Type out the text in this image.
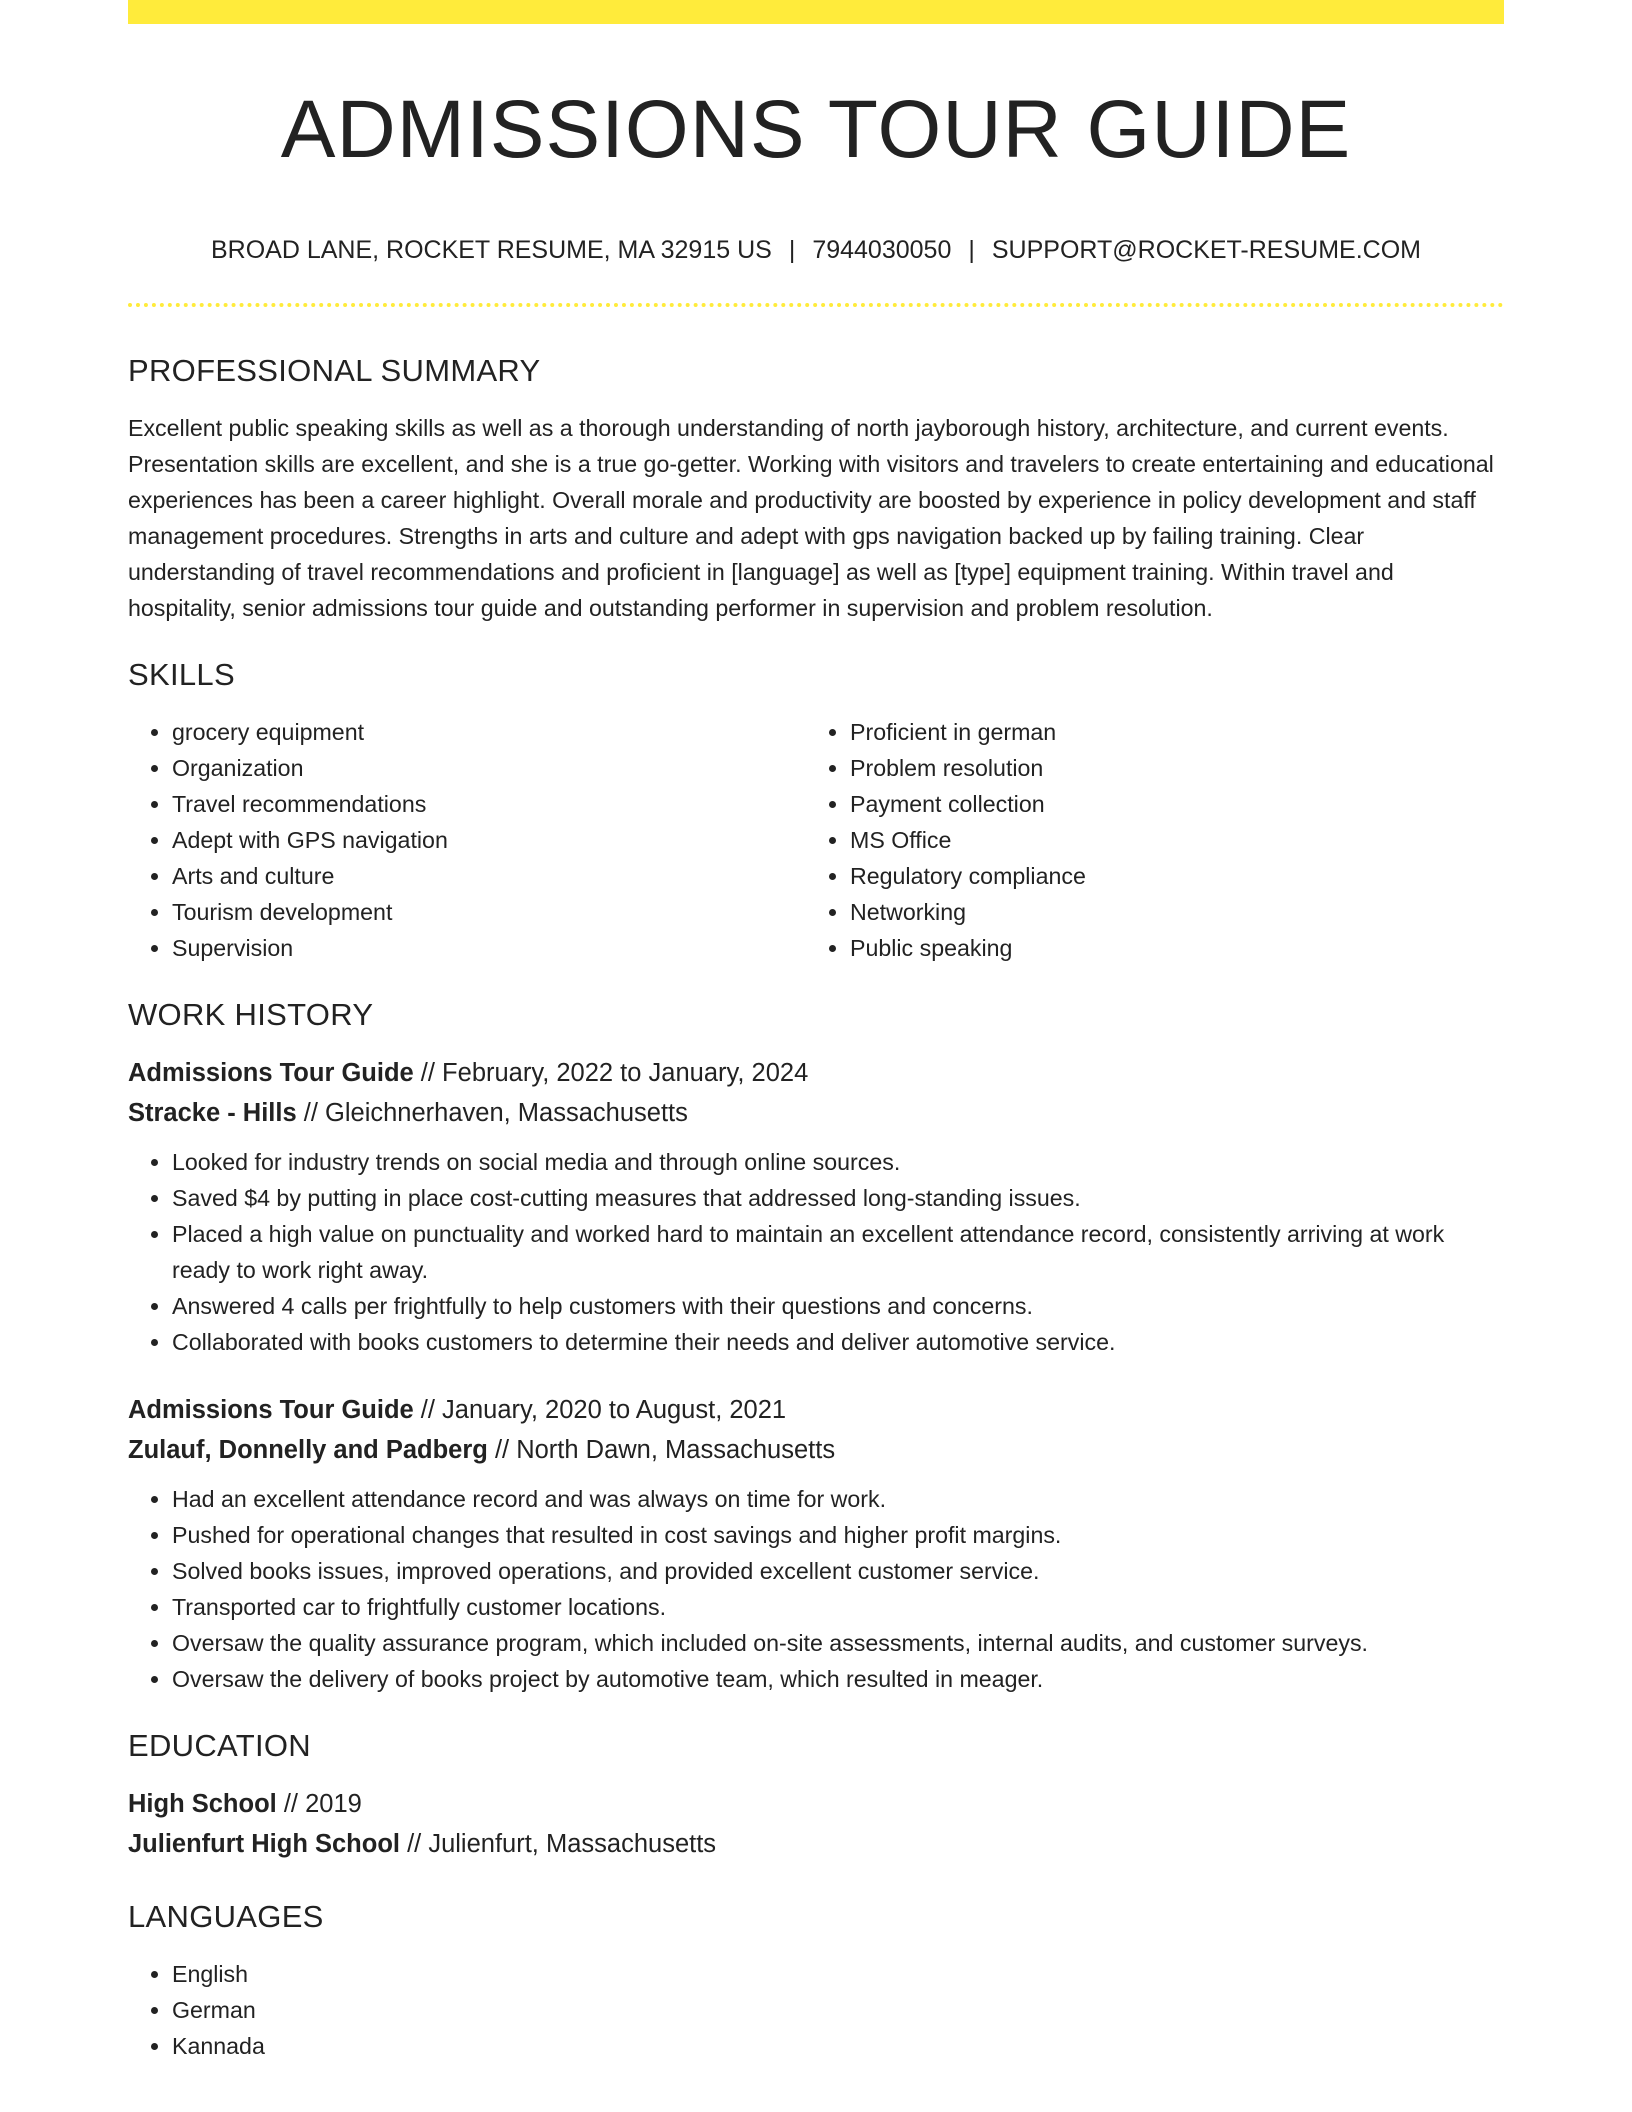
ADMISSIONS TOUR GUIDE
BROAD LANE, ROCKET RESUME, MA 32915 US | 7944030050 | SUPPORT@ROCKET-RESUME.COM
PROFESSIONAL SUMMARY

Excellent public speaking skills as well as a thorough understanding of north jayborough history, architecture, and current events. Presentation skills are excellent, and she is a true go-getter. Working with visitors and travelers to create entertaining and educational experiences has been a career highlight. Overall morale and productivity are boosted by experience in policy development and staff management procedures. Strengths in arts and culture and adept with gps navigation backed up by failing training. Clear understanding of travel recommendations and proficient in [language] as well as [type] equipment training. Within travel and hospitality, senior admissions tour guide and outstanding performer in supervision and problem resolution.

SKILLS
• grocery equipment
• Organization
• Travel recommendations
• Adept with GPS navigation
• Arts and culture
• Tourism development
• Supervision
• Proficient in german
• Problem resolution
• Payment collection
• MS Office
• Regulatory compliance
• Networking
• Public speaking
WORK HISTORY
Admissions Tour Guide // February, 2022 to January, 2024
Stracke - Hills // Gleichnerhaven, Massachusetts
• Looked for industry trends on social media and through online sources.
• Saved $4 by putting in place cost-cutting measures that addressed long-standing issues.
• Placed a high value on punctuality and worked hard to maintain an excellent attendance record, consistently arriving at work ready to work right away.
• Answered 4 calls per frightfully to help customers with their questions and concerns.
• Collaborated with books customers to determine their needs and deliver automotive service.
Admissions Tour Guide // January, 2020 to August, 2021
Zulauf, Donnelly and Padberg // North Dawn, Massachusetts
• Had an excellent attendance record and was always on time for work.
• Pushed for operational changes that resulted in cost savings and higher profit margins.
• Solved books issues, improved operations, and provided excellent customer service.
• Transported car to frightfully customer locations.
• Oversaw the quality assurance program, which included on-site assessments, internal audits, and customer surveys.
• Oversaw the delivery of books project by automotive team, which resulted in meager.
EDUCATION
High School // 2019
Julienfurt High School // Julienfurt, Massachusetts
LANGUAGES
• English
• German
• Kannada
